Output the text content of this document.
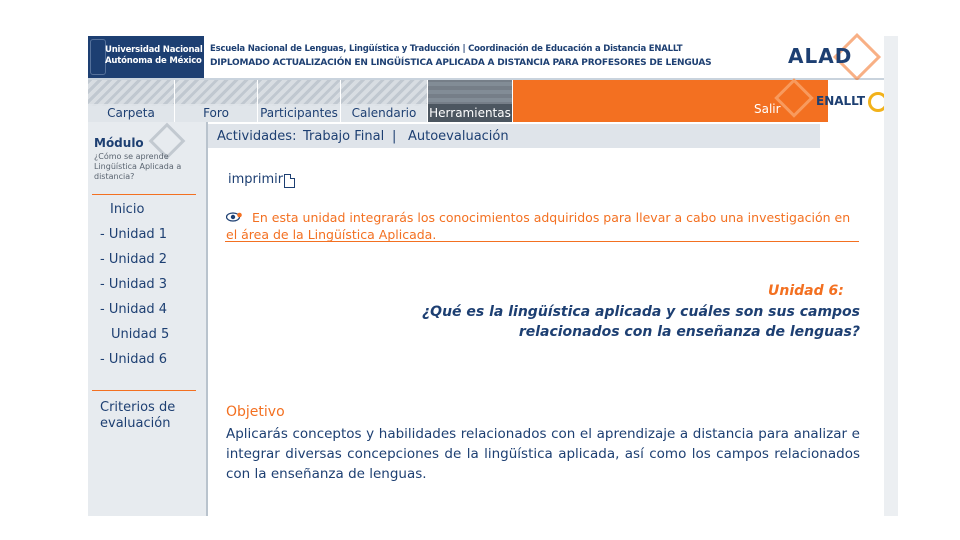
Universidad Nacional
Autónoma de México
Escuela Nacional de Lenguas, Lingüística y Traducción | Coordinación de Educación a Distancia ENALLT
DIPLOMADO ACTUALIZACIÓN EN LINGÜÍSTICA APLICADA A DISTANCIA PARA PROFESORES DE LENGUAS	ALAD
Carpeta	Foro	Participantes	Calendario	Herramientas	Salir
ENALLT
Módulo
¿Cómo se aprende Lingüística Aplicada a distancia?
Inicio
- Unidad 1
- Unidad 2
- Unidad 3
- Unidad 4
Unidad 5
- Unidad 6
Criterios de evaluación
Actividades: Trabajo Final | Autoevaluación
imprimir
En esta unidad integrarás los conocimientos adquiridos para llevar a cabo una investigación en el área de la Lingüística Aplicada.
Unidad 6:
¿Qué es la lingüística aplicada y cuáles son sus campos relacionados con la enseñanza de lenguas?
Objetivo
Aplicarás conceptos y habilidades relacionados con el aprendizaje a distancia para analizar e integrar diversas concepciones de la lingüística aplicada, así como los campos relacionados con la enseñanza de lenguas.
